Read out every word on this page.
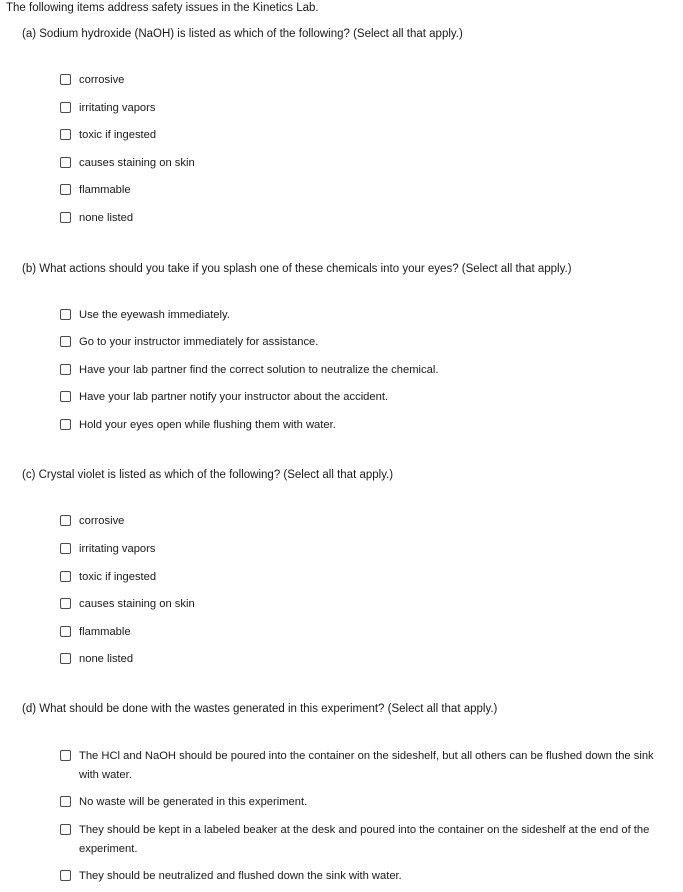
The following items address safety issues in the Kinetics Lab.
(a) Sodium hydroxide (NaOH) is listed as which of the following? (Select all that apply.)
corrosive
irritating vapors
toxic if ingested
causes staining on skin
flammable
none listed
(b) What actions should you take if you splash one of these chemicals into your eyes? (Select all that apply.)
Use the eyewash immediately.
Go to your instructor immediately for assistance.
Have your lab partner find the correct solution to neutralize the chemical.
Have your lab partner notify your instructor about the accident.
Hold your eyes open while flushing them with water.
(c) Crystal violet is listed as which of the following? (Select all that apply.)
corrosive
irritating vapors
toxic if ingested
causes staining on skin
flammable
none listed
(d) What should be done with the wastes generated in this experiment? (Select all that apply.)
The HCl and NaOH should be poured into the container on the sideshelf, but all others can be flushed down the sink with water.
No waste will be generated in this experiment.
They should be kept in a labeled beaker at the desk and poured into the container on the sideshelf at the end of the experiment.
They should be neutralized and flushed down the sink with water.
